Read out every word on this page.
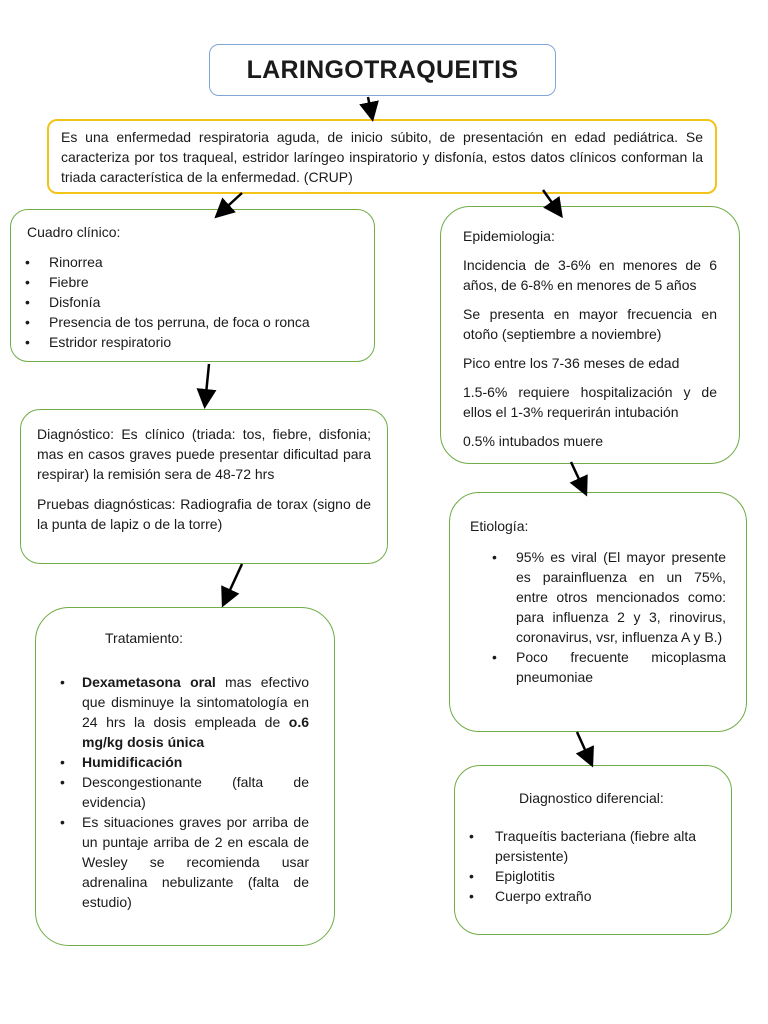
LARINGOTRAQUEITIS

Es una enfermedad respiratoria aguda, de inicio súbito, de presentación en edad pediátrica. Se caracteriza por tos traqueal, estridor laríngeo inspiratorio y disfonía, estos datos clínicos conforman la triada característica de la enfermedad. (CRUP)

Cuadro clínico:

• Rinorrea
• Fiebre
• Disfonía
• Presencia de tos perruna, de foca o ronca
• Estridor respiratorio

Diagnóstico: Es clínico (triada: tos, fiebre, disfonia; mas en casos graves puede presentar dificultad para respirar) la remisión sera de 48-72 hrs

Pruebas diagnósticas: Radiografia de torax (signo de la punta de lapiz o de la torre)

Tratamiento:

• Dexametasona oral mas efectivo que disminuye la sintomatología en 24 hrs la dosis empleada de o.6 mg/kg dosis única
• Humidificación
• Descongestionante (falta de evidencia)
• Es situaciones graves por arriba de un puntaje arriba de 2 en escala de Wesley se recomienda usar adrenalina nebulizante (falta de estudio)

Epidemiologia:

Incidencia de 3-6% en menores de 6 años, de 6-8% en menores de 5 años

Se presenta en mayor frecuencia en otoño (septiembre a noviembre)

Pico entre los 7-36 meses de edad

1.5-6% requiere hospitalización y de ellos el 1-3% requerirán intubación

0.5% intubados muere

Etiología:

• 95% es viral (El mayor presente es parainfluenza en un 75%, entre otros mencionados como: para influenza 2 y 3, rinovirus, coronavirus, vsr, influenza A y B.)
• Poco frecuente micoplasma pneumoniae

Diagnostico diferencial:

• Traqueítis bacteriana (fiebre alta persistente)
• Epiglotitis
• Cuerpo extraño
